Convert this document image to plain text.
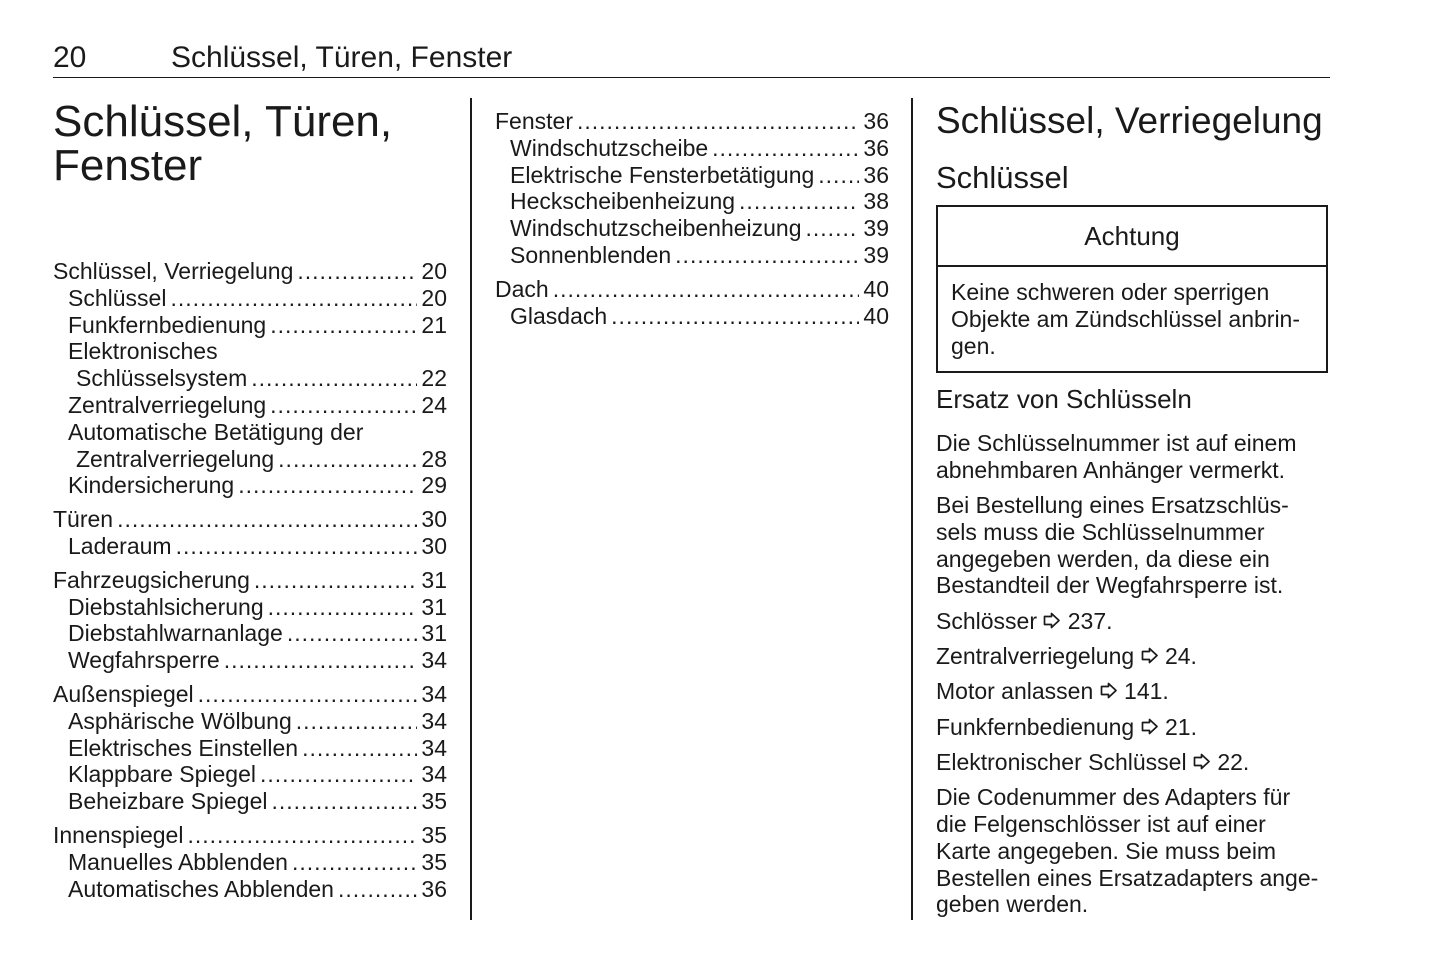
20	Schlüssel, Türen, Fenster
Schlüssel, Türen,
Fenster
Schlüssel, Verriegelung .....	20
Schlüssel .....	20
Funkfernbedienung .....	21
Elektronisches
Schlüsselsystem .....	22
Zentralverriegelung .....	24
Automatische Betätigung der
Zentralverriegelung .....	28
Kindersicherung .....	29
Türen .....	30
Laderaum .....	30
Fahrzeugsicherung .....	31
Diebstahlsicherung .....	31
Diebstahlwarnanlage .....	31
Wegfahrsperre .....	34
Außenspiegel .....	34
Asphärische Wölbung .....	34
Elektrisches Einstellen .....	34
Klappbare Spiegel .....	34
Beheizbare Spiegel .....	35
Innenspiegel .....	35
Manuelles Abblenden .....	35
Automatisches Abblenden .....	36
Fenster .....	36
Windschutzscheibe .....	36
Elektrische Fensterbetätigung ..... 36
Heckscheibenheizung .....	38
Windschutzscheibenheizung .....	39
Sonnenblenden .....	39
Dach .....	40
Glasdach .....	40
Schlüssel, Verriegelung
Schlüssel
Achtung
Keine schweren oder sperrigen
Objekte am Zündschlüssel anbrin-
gen.
Ersatz von Schlüsseln

Die Schlüsselnummer ist auf einem
abnehmbaren Anhänger vermerkt.

Bei Bestellung eines Ersatzschlüs-
sels muss die Schlüsselnummer
angegeben werden, da diese ein
Bestandteil der Wegfahrsperre ist.

Schlösser 237.

Zentralverriegelung 24.

Motor anlassen 141.

Funkfernbedienung 21.

Elektronischer Schlüssel 22.

Die Codenummer des Adapters für
die Felgenschlösser ist auf einer
Karte angegeben. Sie muss beim
Bestellen eines Ersatzadapters ange-
geben werden.
